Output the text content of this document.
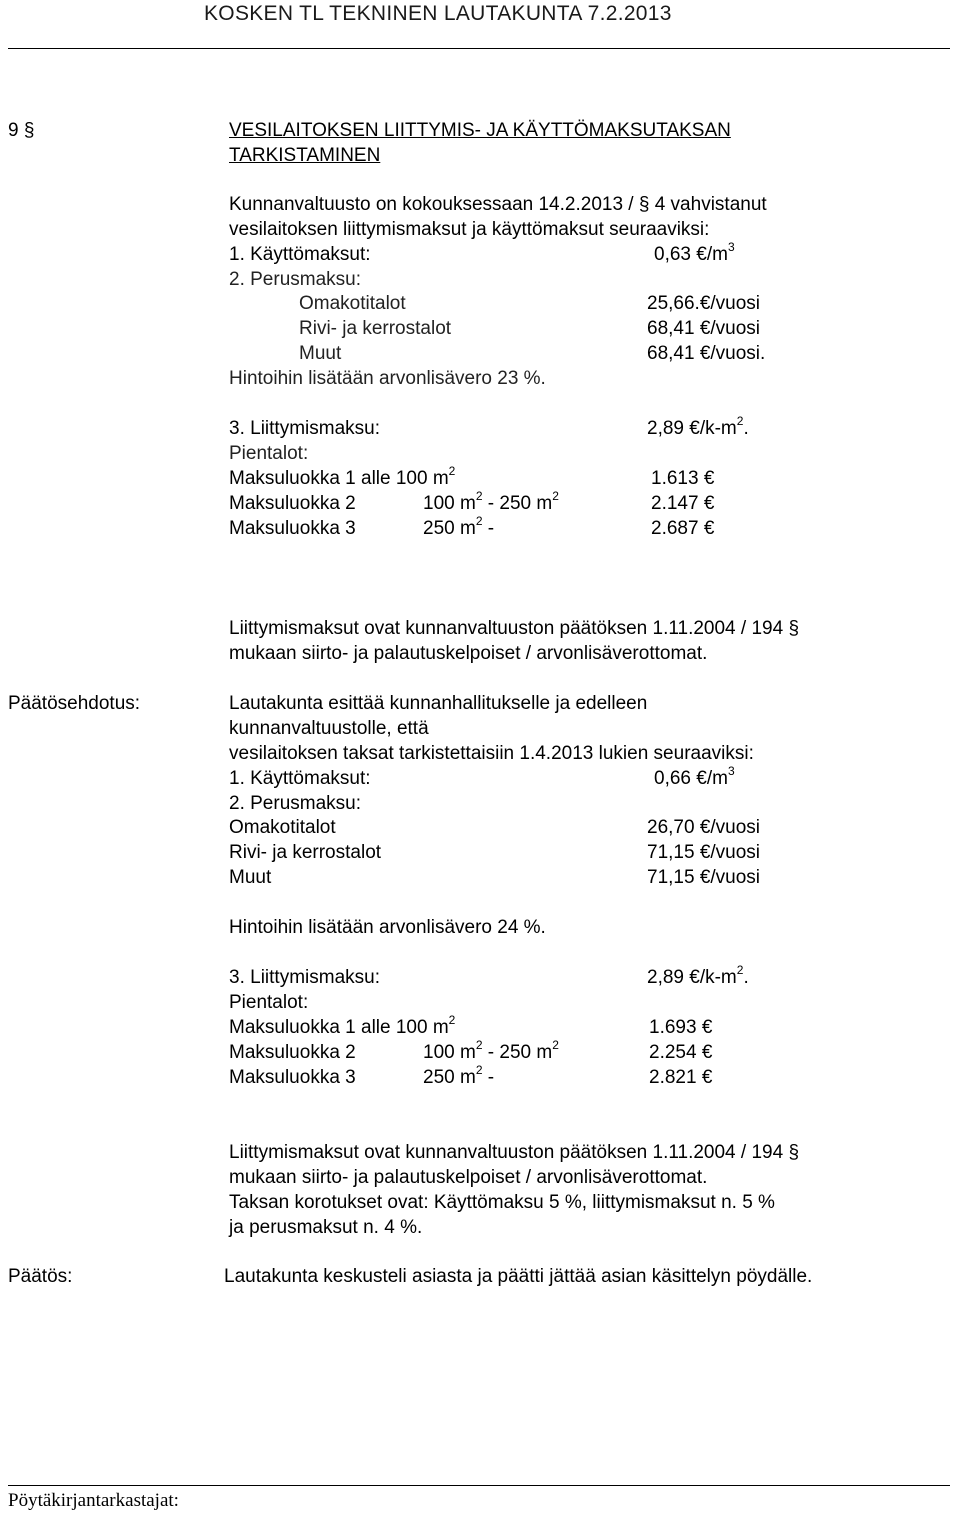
KOSKEN TL TEKNINEN LAUTAKUNTA 7.2.2013
9 §	VESILAITOKSEN LIITTYMIS- JA KÄYTTÖMAKSUTAKSAN
TARKISTAMINEN
Kunnanvaltuusto on kokouksessaan 14.2.2013 / § 4 vahvistanut
vesilaitoksen liittymismaksut ja käyttömaksut seuraaviksi:
1. Käyttömaksut:	0,63 $€/m^3$
2. Perusmaksu:
Omakotitalot	25,66.€/vuosi
Rivi- ja kerrostalot	68,41 €/vuosi
Muut	68,41 €/vuosi.
Hintoihin lisätään arvonlisävero 23 %.
3. Liittymismaksu:	2,89 $€/k-m^2$.
Pientalot:
Maksuluokka 1 alle 100 $m^2$	1.613 €
Maksuluokka 2	100 $m^2 - 250$ $m^2$	2.147 €
Maksuluokka 3	250 $m^2$ -	2.687 €
Liittymismaksut ovat kunnanvaltuuston päätöksen 1.11.2004 / 194 §
mukaan siirto- ja palautuskelpoiset / arvonlisäverottomat.
Päätösehdotus:	Lautakunta esittää kunnanhallitukselle ja edelleen
kunnanvaltuustolle, että
vesilaitoksen taksat tarkistettaisiin 1.4.2013 lukien seuraaviksi:
1. Käyttömaksut:	0,66 $€/m^3$
2. Perusmaksu:
Omakotitalot	26,70 €/vuosi
Rivi- ja kerrostalot	71,15 €/vuosi
Muut	71,15 €/vuosi
Hintoihin lisätään arvonlisävero 24 %.
3. Liittymismaksu:	2,89 $€/k-m^2$.
Pientalot:
Maksuluokka 1 alle 100 $m^2$	1.693 €
Maksuluokka 2	100 $m^2 - 250$ $m^2$	2.254 €
Maksuluokka 3	250 $m^2$ -	2.821 €
Liittymismaksut ovat kunnanvaltuuston päätöksen 1.11.2004 / 194 §
mukaan siirto- ja palautuskelpoiset / arvonlisäverottomat.
Taksan korotukset ovat: Käyttömaksu 5 %, liittymismaksut n. 5 %
ja perusmaksut n. 4 %.
Päätös:	Lautakunta keskusteli asiasta ja päätti jättää asian käsittelyn pöydälle.
Pöytäkirjantarkastajat:
